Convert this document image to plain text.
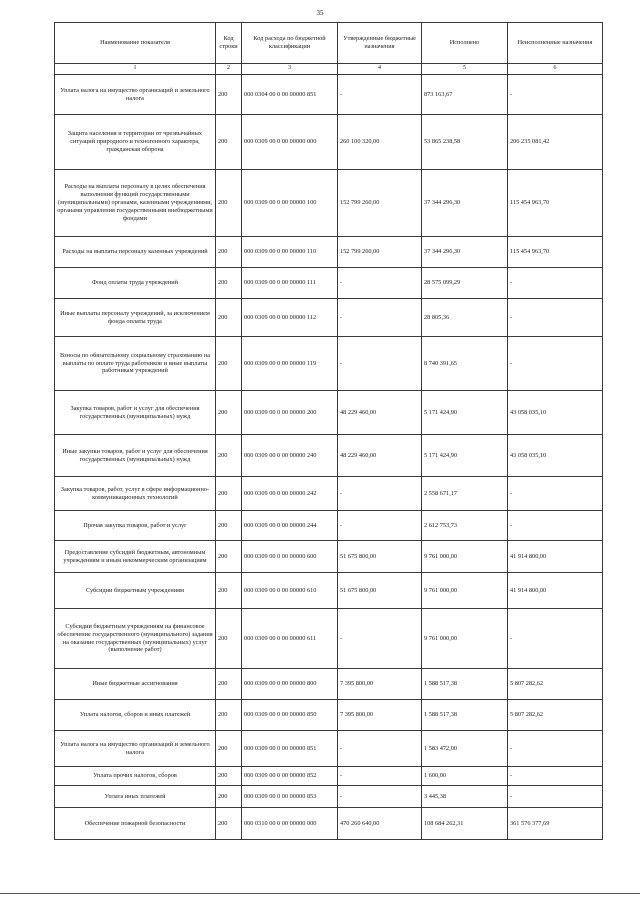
35
Наименование показателя	Код строки	Код расхода по бюджетной классификации	Утвержденные бюджетные назначения	Исполнено	Неисполненные назначения
1	2	3	4	5	6
Уплата налога на имущество организаций и земельного налога	200	000 0304 00 0 00 00000 851	-	873 163,67	-
Защита населения и территории от чрезвычайных ситуаций природного и техногенного характера, гражданская оборона	200	000 0309 00 0 00 00000 000	260 100 320,00	53 865 238,58	206 235 081,42
Расходы на выплаты персоналу в целях обеспечения выполнения функций государственными (муниципальными) органами, казенными учреждениями, органами управления государственными внебюджетными фондами	200	000 0309 00 0 00 00000 100	152 799 260,00	37 344 296,30	115 454 963,70
Расходы на выплаты персоналу казенных учреждений	200	000 0309 00 0 00 00000 110	152 799 260,00	37 344 296,30	115 454 963,70
Фонд оплаты труда учреждений	200	000 0309 00 0 00 00000 111	-	28 575 099,29	-
Иные выплаты персоналу учреждений, за исключением фонда оплаты труда	200	000 0309 00 0 00 00000 112	-	28 805,36	-
Взносы по обязательному социальному страхованию на выплаты по оплате труда работников и иные выплаты работникам учреждений	200	000 0309 00 0 00 00000 119	-	8 740 391,65	-
Закупка товаров, работ и услуг для обеспечения государственных (муниципальных) нужд	200	000 0309 00 0 00 00000 200	48 229 460,00	5 171 424,90	43 058 035,10
Иные закупки товаров, работ и услуг для обеспечения государственных (муниципальных) нужд	200	000 0309 00 0 00 00000 240	48 229 460,00	5 171 424,90	43 058 035,10
Закупка товаров, работ, услуг в сфере информационно-коммуникационных технологий	200	000 0309 00 0 00 00000 242	-	2 558 671,17	-
Прочая закупка товаров, работ и услуг	200	000 0309 00 0 00 00000 244	-	2 612 753,73	-
Предоставление субсидий бюджетным, автономным учреждениям и иным некоммерческим организациям	200	000 0309 00 0 00 00000 600	51 675 800,00	9 761 000,00	41 914 800,00
Субсидии бюджетным учреждениям	200	000 0309 00 0 00 00000 610	51 675 800,00	9 761 000,00	41 914 800,00
Субсидии бюджетным учреждениям на финансовое обеспечение государственного (муниципального) задания на оказание государственных (муниципальных) услуг (выполнение работ)	200	000 0309 00 0 00 00000 611	-	9 761 000,00	-
Иные бюджетные ассигнования	200	000 0309 00 0 00 00000 800	7 395 800,00	1 588 517,38	5 807 282,62
Уплата налогов, сборов и иных платежей	200	000 0309 00 0 00 00000 850	7 395 800,00	1 588 517,38	5 807 282,62
Уплата налога на имущество организаций и земельного налога	200	000 0309 00 0 00 00000 851	-	1 583 472,00	-
Уплата прочих налогов, сборов	200	000 0309 00 0 00 00000 852	-	1 600,00	-
Уплата иных платежей	200	000 0309 00 0 00 00000 853	-	3 445,38	-
Обеспечение пожарной безопасности	200	000 0310 00 0 00 00000 000	470 260 640,00	108 684 262,31	361 576 377,69
